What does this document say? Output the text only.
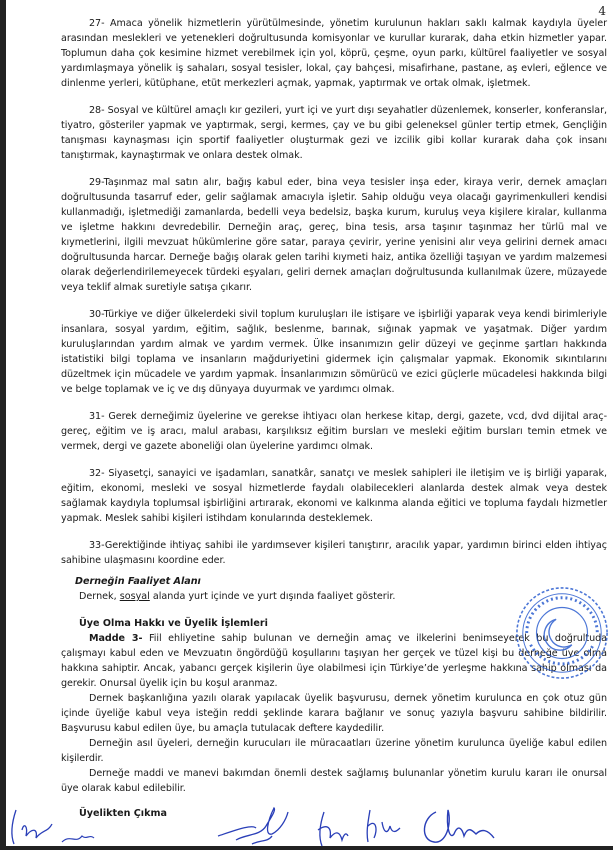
4

27- Amaca yönelik hizmetlerin yürütülmesinde, yönetim kurulunun hakları saklı kalmak kaydıyla üyeler arasından meslekleri ve yetenekleri doğrultusunda komisyonlar ve kurullar kurarak, daha etkin hizmetler yapar. Toplumun daha çok kesimine hizmet verebilmek için yol, köprü, çeşme, oyun parkı, kültürel faaliyetler ve sosyal yardımlaşmaya yönelik iş sahaları, sosyal tesisler, lokal, çay bahçesi, misafirhane, pastane, aş evleri, eğlence ve dinlenme yerleri, kütüphane, etüt merkezleri açmak, yapmak, yaptırmak ve ortak olmak, işletmek.

28- Sosyal ve kültürel amaçlı kır gezileri, yurt içi ve yurt dışı seyahatler düzenlemek, konserler, konferanslar, tiyatro, gösteriler yapmak ve yaptırmak, sergi, kermes, çay ve bu gibi geleneksel günler tertip etmek, Gençliğin tanışması kaynaşması için sportif faaliyetler oluşturmak gezi ve izcilik gibi kollar kurarak daha çok insanı tanıştırmak, kaynaştırmak ve onlara destek olmak.

29-Taşınmaz mal satın alır, bağış kabul eder, bina veya tesisler inşa eder, kiraya verir, dernek amaçları doğrultusunda tasarruf eder, gelir sağlamak amacıyla işletir. Sahip olduğu veya olacağı gayrimenkulleri kendisi kullanmadığı, işletmediği zamanlarda, bedelli veya bedelsiz, başka kurum, kuruluş veya kişilere kiralar, kullanma ve işletme hakkını devredebilir. Derneğin araç, gereç, bina tesis, arsa taşınır taşınmaz her türlü mal ve kıymetlerini, ilgili mevzuat hükümlerine göre satar, paraya çevirir, yerine yenisini alır veya gelirini dernek amacı doğrultusunda harcar. Derneğe bağış olarak gelen tarihi kıymeti haiz, antika özelliği taşıyan ve yardım malzemesi olarak değerlendirilemeyecek türdeki eşyaları, geliri dernek amaçları doğrultusunda kullanılmak üzere, müzayede veya teklif almak suretiyle satışa çıkarır.

30-Türkiye ve diğer ülkelerdeki sivil toplum kuruluşları ile istişare ve işbirliği yaparak veya kendi birimleriyle insanlara, sosyal yardım, eğitim, sağlık, beslenme, barınak, sığınak yapmak ve yaşatmak. Diğer yardım kuruluşlarından yardım almak ve yardım vermek. Ülke insanımızın gelir düzeyi ve geçinme şartları hakkında istatistiki bilgi toplama ve insanların mağduriyetini gidermek için çalışmalar yapmak. Ekonomik sıkıntılarını düzeltmek için mücadele ve yardım yapmak. İnsanlarımızın sömürücü ve ezici güçlerle mücadelesi hakkında bilgi ve belge toplamak ve iç ve dış dünyaya duyurmak ve yardımcı olmak.

31- Gerek derneğimiz üyelerine ve gerekse ihtiyacı olan herkese kitap, dergi, gazete, vcd, dvd dijital araç-gereç, eğitim ve iş aracı, malul arabası, karşılıksız eğitim bursları ve mesleki eğitim bursları temin etmek ve vermek, dergi ve gazete aboneliği olan üyelerine yardımcı olmak.

32- Siyasetçi, sanayici ve işadamları, sanatkâr, sanatçı ve meslek sahipleri ile iletişim ve iş birliği yaparak, eğitim, ekonomi, mesleki ve sosyal hizmetlerde faydalı olabilecekleri alanlarda destek almak veya destek sağlamak kaydıyla toplumsal işbirliğini artırarak, ekonomi ve kalkınma alanda eğitici ve topluma faydalı hizmetler yapmak. Meslek sahibi kişileri istihdam konularında desteklemek.

33-Gerektiğinde ihtiyaç sahibi ile yardımsever kişileri tanıştırır, aracılık yapar, yardımın birinci elden ihtiyaç sahibine ulaşmasını koordine eder.

Derneğin Faaliyet Alanı
Dernek, sosyal alanda yurt içinde ve yurt dışında faaliyet gösterir.
Üye Olma Hakkı ve Üyelik İşlemleri

Madde 3- Fiil ehliyetine sahip bulunan ve derneğin amaç ve ilkelerini benimseyerek bu doğrultuda çalışmayı kabul eden ve Mevzuatın öngördüğü koşullarını taşıyan her gerçek ve tüzel kişi bu derneğe üye olma hakkına sahiptir. Ancak, yabancı gerçek kişilerin üye olabilmesi için Türkiye’de yerleşme hakkına sahip olması da gerekir. Onursal üyelik için bu koşul aranmaz.

Dernek başkanlığına yazılı olarak yapılacak üyelik başvurusu, dernek yönetim kurulunca en çok otuz gün içinde üyeliğe kabul veya isteğin reddi şeklinde karara bağlanır ve sonuç yazıyla başvuru sahibine bildirilir. Başvurusu kabul edilen üye, bu amaçla tutulacak deftere kaydedilir.

Derneğin asıl üyeleri, derneğin kurucuları ile müracaatları üzerine yönetim kurulunca üyeliğe kabul edilen kişilerdir.

Derneğe maddi ve manevi bakımdan önemli destek sağlamış bulunanlar yönetim kurulu kararı ile onursal üye olarak kabul edilebilir.

Üyelikten Çıkma
